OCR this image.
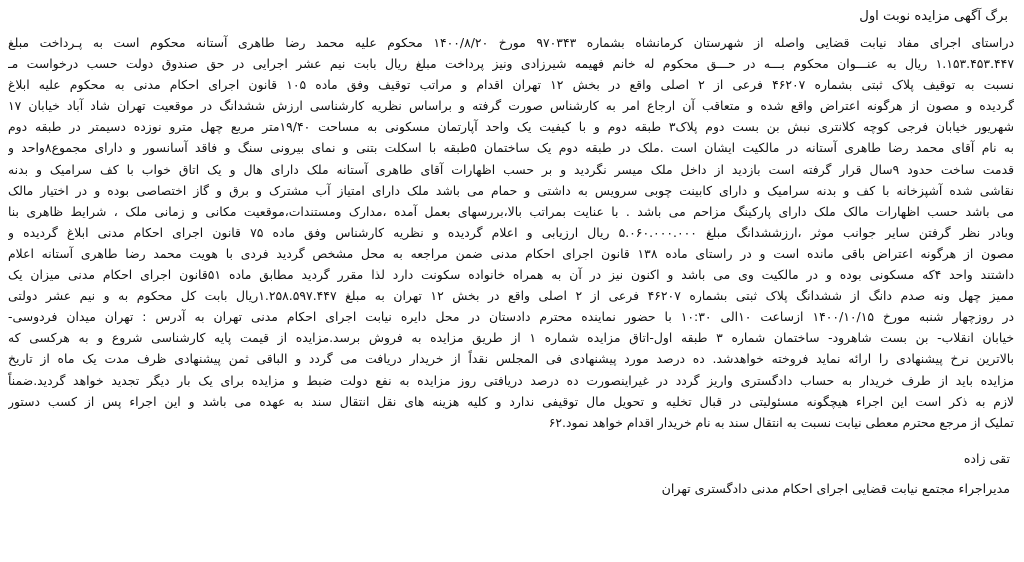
برگ آگهی مزایده نوبت اول
دراستای اجرای مفاد نیابت قضایی واصله از شهرستان کرمانشاه بشماره ۹۷۰۳۴۳ مورخ ۱۴۰۰/۸/۲۰ محکوم علیه محمد رضا طاهری آستانه محکوم است به پـرداخت مبلغ
۱.۱۵۳.۴۵۳.۴۴۷ ریال به عنـــوان محکوم بـــه در حـــق محکوم له خانم فهیمه شیرزادی ونیز پرداخت مبلغ ریال بابت نیم عشر اجرایی در حق صندوق دولت حسب درخواست مـ
نسبت به توقیف پلاک ثبتی بشماره ۴۶۲۰۷ فرعی از ۲ اصلی واقع در بخش ۱۲ تهران اقدام و مراتب توقیف وفق ماده ۱۰۵ قانون اجرای احکام مدنی به محکوم علیه ابلاغ
گردیده و مصون از هرگونه اعتراض واقع شده و متعاقب آن ارجاع امر به کارشناس صورت گرفته و براساس نظریه کارشناسی ارزش ششدانگ در موقعیت تهران شاد آباد خیابان ۱۷
شهریور خیابان فرجی کوچه کلانتری نبش بن بست دوم پلاک۳ طبقه دوم و با کیفیت یک واحد آپارتمان مسکونی به مساحت ۱۹/۴۰متر مربع چهل مترو نوزده دسیمتر در طبقه دوم
به نام آقای محمد رضا طاهری آستانه در مالکیت ایشان است .ملک در طبقه دوم یک ساختمان ۵طبقه با اسکلت بتنی و نمای بیرونی سنگ و فاقد آسانسور و دارای مجموع۸واحد و
قدمت ساخت حدود ۹سال قرار گرفته است بازدید از داخل ملک میسر نگردید و بر حسب اظهارات آقای طاهری آستانه ملک دارای هال و یک اتاق خواب با کف سرامیک و بدنه
نقاشی شده آشپزخانه با کف و بدنه سرامیک و دارای کابینت چوبی سرویس به داشتی و حمام می باشد ملک دارای امتیاز آب مشترک و برق و گاز اختصاصی بوده و در اختیار مالک
می باشد حسب اظهارات مالک ملک دارای پارکینگ مزاحم می باشد . با عنایت بمراتب بالا،بررسهای بعمل آمده ،مدارک ومستندات،موقعیت مکانی و زمانی ملک ، شرایط ظاهری بنا
وبادر نظر گرفتن سایر جوانب موثر ،ارزششدانگ مبلغ ۵.۰۶۰.۰۰۰.۰۰۰ ریال ارزیابی و اعلام گردیده و نظریه کارشناس وفق ماده ۷۵ قانون اجرای احکام مدنی ابلاغ گردیده و
مصون از هرگونه اعتراض باقی مانده است و در راستای ماده ۱۳۸ قانون اجرای احکام مدنی ضمن مراجعه به محل مشخص گردید فردی با هویت محمد رضا طاهری آستانه اعلام
داشتند واحد ۴که مسکونی بوده و در مالکیت وی می باشد و اکنون نیز در آن به همراه خانواده سکونت دارد لذا مقرر گردید مطابق ماده ۵۱قانون اجرای احکام مدنی میزان یک
ممیز چهل ونه صدم دانگ از ششدانگ پلاک ثبتی بشماره ۴۶۲۰۷ فرعی از ۲ اصلی واقع در بخش ۱۲ تهران به مبلغ ۱.۲۵۸.۵۹۷.۴۴۷ریال بابت کل محکوم به و نیم عشر دولتی
در روزچهار شنبه مورخ ۱۴۰۰/۱۰/۱۵ ازساعت ۱۰الی ۱۰:۳۰ با حضور نماینده محترم دادستان در محل دایره نیابت اجرای احکام مدنی تهران به آدرس : تهران میدان فردوسی-
خیابان انقلاب- بن بست شاهرود- ساختمان شماره ۳ طبقه اول-اتاق مزایده شماره ۱ از طریق مزایده به فروش برسد.مزایده از قیمت پایه کارشناسی شروع و به هرکسی که
بالاترین نرخ پیشنهادی را ارائه نماید فروخته خواهدشد. ده درصد مورد پیشنهادی فی المجلس نقداً از خریدار دریافت می گردد و الباقی ثمن پیشنهادی ظرف مدت یک ماه از تاریخ
مزایده باید از طرف خریدار به حساب دادگستری واریز گردد در غیراینصورت ده درصد دریافتی روز مزایده به نفع دولت ضبط و مزایده برای یک بار دیگر تجدید خواهد گردید.ضمناً
لازم به ذکر است این اجراء هیچگونه مسئولیتی در قبال تخلیه و تحویل مال توقیفی ندارد و کلیه هزینه های نقل انتقال سند به عهده می باشد و این اجراء پس از کسب دستور
تملیک از مرجع محترم معطی نیابت نسبت به انتقال سند به نام خریدار اقدام خواهد نمود.۶۲
تقی زاده
مدیراجراء مجتمع نیابت قضایی اجرای احکام مدنی دادگستری تهران
